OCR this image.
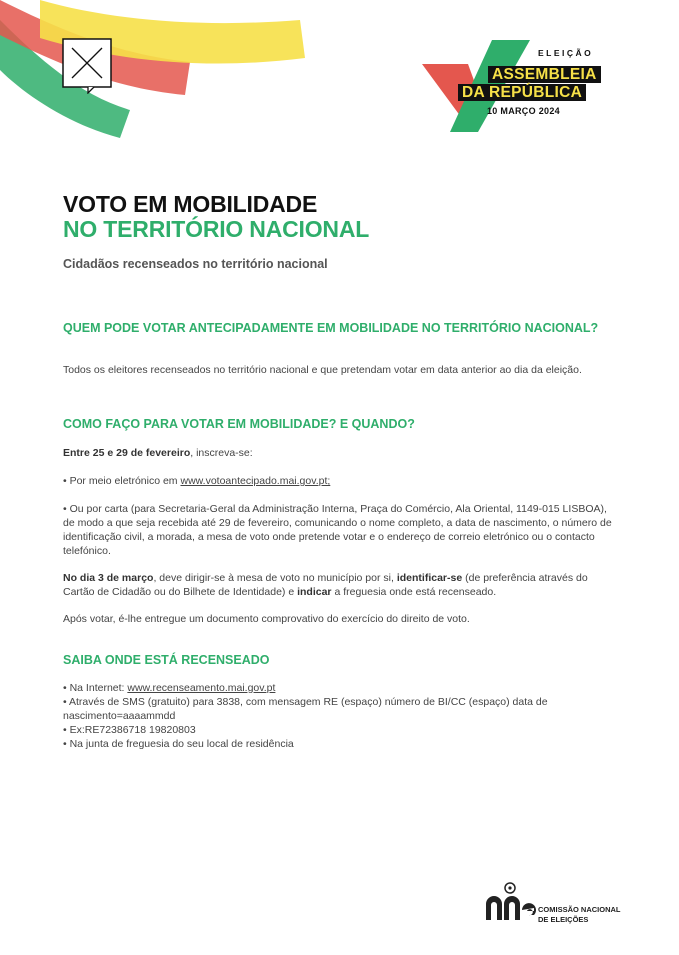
ELEIÇÃO
ASSEMBLEIA
DA REPÚBLICA
10 MARÇO 2024
VOTO EM MOBILIDADE
NO TERRITÓRIO NACIONAL
Cidadãos recenseados no território nacional
QUEM PODE VOTAR ANTECIPADAMENTE EM MOBILIDADE NO TERRITÓRIO NACIONAL?
Todos os eleitores recenseados no território nacional e que pretendam votar em data anterior ao dia da eleição.
COMO FAÇO PARA VOTAR EM MOBILIDADE? E QUANDO?
Entre 25 e 29 de fevereiro, inscreva-se:
• Por meio eletrónico em www.votoantecipado.mai.gov.pt;
• Ou por carta (para Secretaria-Geral da Administração Interna, Praça do Comércio, Ala Oriental, 1149-015 LISBOA), de modo a que seja recebida até 29 de fevereiro, comunicando o nome completo, a data de nascimento, o número de identificação civil, a morada, a mesa de voto onde pretende votar e o endereço de correio eletrónico ou o contacto telefónico.
No dia 3 de março, deve dirigir-se à mesa de voto no município por si, identificar-se (de preferência através do Cartão de Cidadão ou do Bilhete de Identidade) e indicar a freguesia onde está recenseado.
Após votar, é-lhe entregue um documento comprovativo do exercício do direito de voto.
SAIBA ONDE ESTÁ RECENSEADO
• Na Internet: www.recenseamento.mai.gov.pt
• Através de SMS (gratuito) para 3838, com mensagem RE (espaço) número de BI/CC (espaço) data de nascimento=aaaammdd
• Ex:RE72386718 19820803
• Na junta de freguesia do seu local de residência
COMISSÃO NACIONAL
DE ELEIÇÕES
